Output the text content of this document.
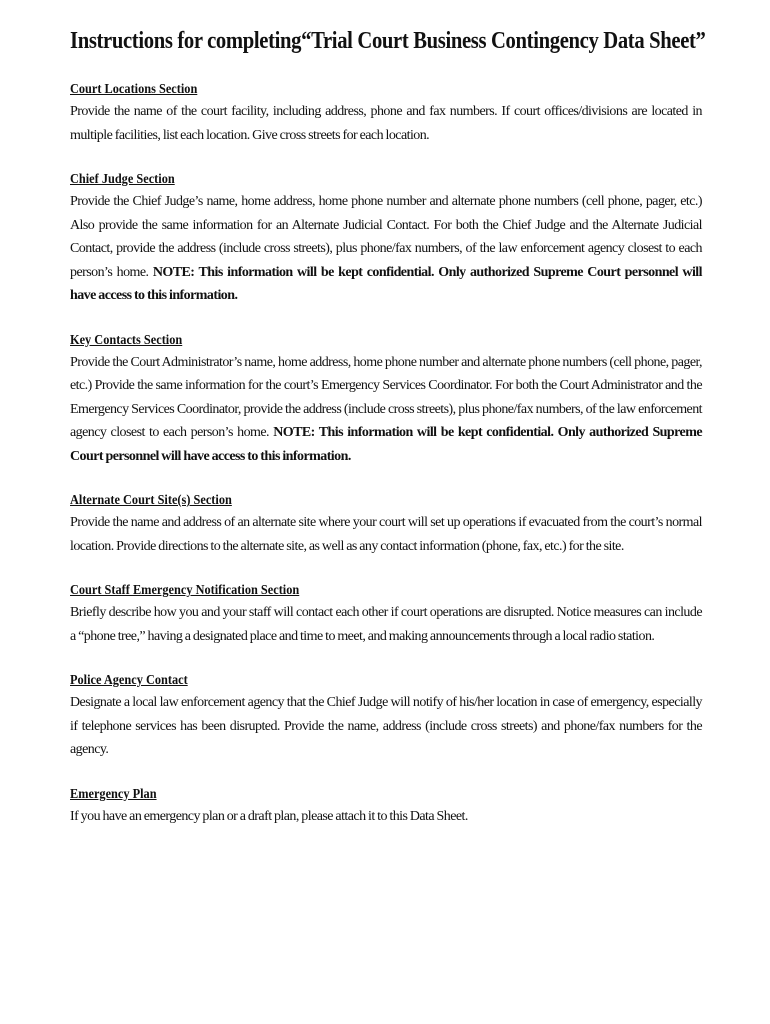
Instructions for completing“Trial Court Business Contingency Data Sheet”

Court Locations Section

Provide the name of the court facility, including address, phone and fax numbers. If court offices/divisions are located in multiple facilities, list each location. Give cross streets for each location.

Chief Judge Section

Provide the Chief Judge’s name, home address, home phone number and alternate phone numbers (cell phone, pager, etc.) Also provide the same information for an Alternate Judicial Contact. For both the Chief Judge and the Alternate Judicial Contact, provide the address (include cross streets), plus phone/fax numbers, of the law enforcement agency closest to each person’s home. NOTE: This information will be kept confidential. Only authorized Supreme Court personnel will have access to this information.

Key Contacts Section

Provide the Court Administrator’s name, home address, home phone number and alternate phone numbers (cell phone, pager, etc.) Provide the same information for the court’s Emergency Services Coordinator. For both the Court Administrator and the Emergency Services Coordinator, provide the address (include cross streets), plus phone/fax numbers, of the law enforcement agency closest to each person’s home. NOTE: This information will be kept confidential. Only authorized Supreme Court personnel will have access to this information.

Alternate Court Site(s) Section

Provide the name and address of an alternate site where your court will set up operations if evacuated from the court’s normal location. Provide directions to the alternate site, as well as any contact information (phone, fax, etc.) for the site.

Court Staff Emergency Notification Section

Briefly describe how you and your staff will contact each other if court operations are disrupted. Notice measures can include a “phone tree,” having a designated place and time to meet, and making announcements through a local radio station.

Police Agency Contact

Designate a local law enforcement agency that the Chief Judge will notify of his/her location in case of emergency, especially if telephone services has been disrupted. Provide the name, address (include cross streets) and phone/fax numbers for the agency.

Emergency Plan

If you have an emergency plan or a draft plan, please attach it to this Data Sheet.
